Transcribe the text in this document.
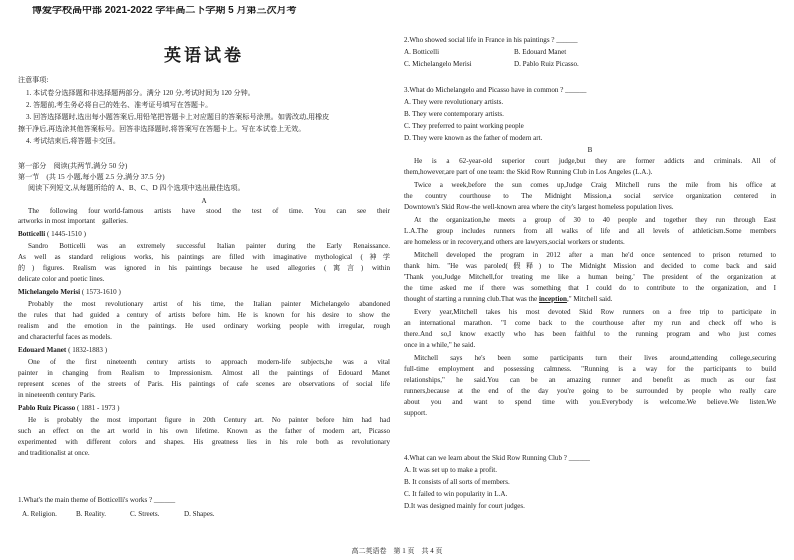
博爱学校高中部 2021-2022 学年高二下学期 5 月第三次月考
英语试卷
注意事项:
1. 本试卷分选择题和非选择题两部分。满分 120 分,考试时间为 120 分钟。
2. 答题前,考生务必将自己的姓名、准考证号填写在答题卡。
3. 回答选择题时,选出每小题答案后,用铅笔把答题卡上对应题目的答案标号涂黑。如需改动,用橡皮
擦干净后,再选涂其他答案标号。回答非选择题时,将答案写在答题卡上。写在本试卷上无效。
4. 考试结束后,将答题卡交回。
第一部分　阅读(共两节,满分 50 分)
第一节　(共 15 小题,每小题 2.5 分,满分 37.5 分)
阅读下列短文,从每题所给的 A、B、C、D 四个选项中选出最佳选项。
A
The　following　four world-famous　artists　have　stood　the　test　of　time.　You　can　see　their
artworks in most important　galleries.
Botticelli ( 1445-1510 )
Sandro Botticelli was an extremely successful Italian painter during the Early Renaissance.
As well as standard religious works, his paintings are filled with imaginative mythological (神学
的) figures. Realism was ignored in his paintings because he used allegories (寓言) within
delicate color and poetic lines.
Michelangelo Merisi ( 1573-1610 )
Probably the most revolutionary artist of his time, the Italian painter Michelangelo abandoned
the rules that had guided a century of artists before him. He is known for his desire to show the
realism and the emotion in the paintings. He used ordinary working people with irregular, rough
and characterful faces as models.
Edouard Manet ( 1832-1883 )
One of the first nineteenth century artists to approach modern-life subjects,he was a vital
painter in changing from Realism to Impressionism. Almost all the paintings of Edouard Manet
represent scenes of the streets of Paris. His paintings of cafe scenes are observations of social life
in nineteenth century Paris.
Pablo Ruiz Picasso ( 1881 - 1973 )
He is probably the most important figure in 20th Century art. No painter before him had had
such an effect on the art world in his own lifetime. Known as the father of modern art, Picasso
experimented with different colors and shapes. His greatness lies in his role both as revolutionary
and traditionalist at once.
1.What's the main theme of Botticelli's works ? ______
A. Religion.	B. Reality.	C. Streets.	D. Shapes.
2.Who showed social life in France in his paintings ? ______
A. Botticelli	B. Edouard Manet
C. Michelangelo Merisi	D. Pablo Ruiz Picasso.
3.What do Michelangelo and Picasso have in common ? ______
A. They were revolutionary artists.
B. They were contemporary artists.
C. They preferred to paint working people
D. They were known as the father of modern art.
B
He is a 62-year-old superior court judge,but they are former addicts and criminals. All of
them,however,are part of one team: the Skid Row Running Club in Los Angeles (L.A.).
Twice a week,before the sun comes up,Judge Craig Mitchell runs the mile from his office at
the country courthouse to The Midnight Mission,a social service organization centered in
Downtown's Skid Row-the well-known area where the city's largest homeless population lives.
At the organization,he meets a group of 30 to 40 people and together they run through East
L.A.The group includes runners from all walks of life and all levels of athleticism.Some members
are homeless or in recovery,and others are lawyers,social workers or students.
Mitchell developed the program in 2012 after a man he'd once sentenced to prison returned to
thank him. "He was paroled(假释) to The Midnight Mission and decided to come back and said
'Thank you,Judge Mitchell,for treating me like a human being.' The president of the organization at
the time asked me if there was something that I could do to contribute to the organization, and I
thought of starting a running club.That was the inception," Mitchell said.
Every year,Mitchell takes his most devoted Skid Row runners on a free trip to participate in
an international marathon. "I come back to the courthouse after my run and check off who is
there.And so,I know exactly who has been faithful to the running program and who just comes
once in a while," he said.
Mitchell says he's been some participants turn their lives around,attending college,securing
full-time employment and possessing calmness. "Running is a way for the participants to build
relationships," he said.You can be an amazing runner and benefit as much as our fast
runners,because at the end of the day you're going to be surrounded by people who really care
about you and want to spend time with you.Everybody is welcome.We believe.We listen.We
support.
4.What can we learn about the Skid Row Running Club ? ______
A. It was set up to make a profit.
B. It consists of all sorts of members.
C. It failed to win popularity in L.A.
D.It was designed mainly for court judges.
高二英语卷　第 1 页　共 4 页
